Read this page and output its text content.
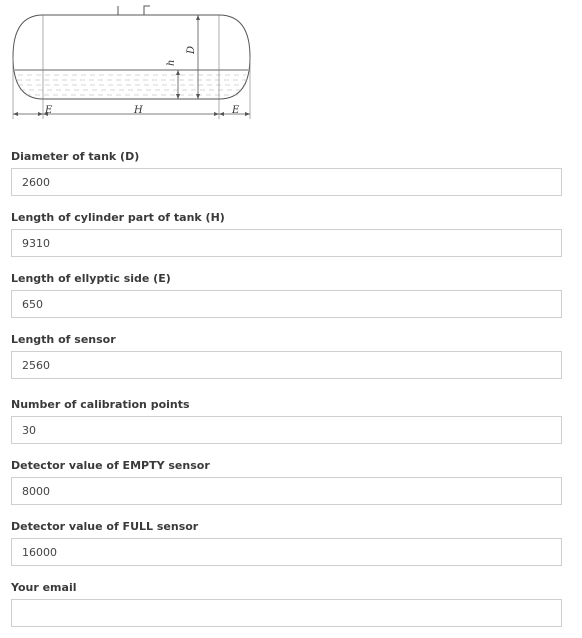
E	H	E
h
D
Diameter of tank (D)
2600
Length of cylinder part of tank (H)
9310
Length of ellyptic side (E)
650
Length of sensor
2560
Number of calibration points
30
Detector value of EMPTY sensor
8000
Detector value of FULL sensor
16000
Your email
